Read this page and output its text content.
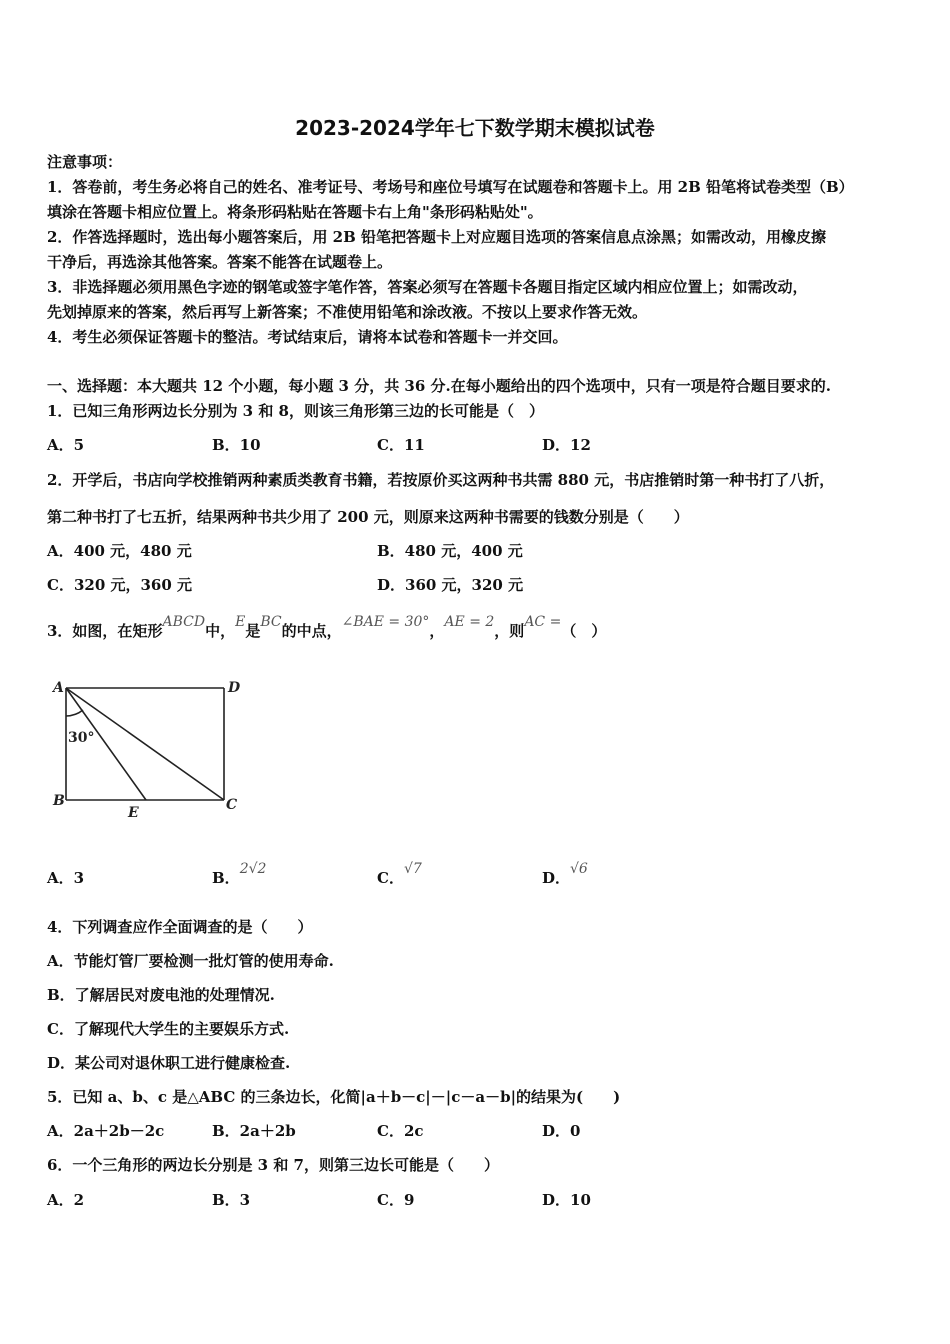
2023-2024学年七下数学期末模拟试卷
注意事项：
1．答卷前，考生务必将自己的姓名、准考证号、考场号和座位号填写在试题卷和答题卡上。用 2B 铅笔将试卷类型（B）
填涂在答题卡相应位置上。将条形码粘贴在答题卡右上角"条形码粘贴处"。
2．作答选择题时，选出每小题答案后，用 2B 铅笔把答题卡上对应题目选项的答案信息点涂黑；如需改动，用橡皮擦
干净后，再选涂其他答案。答案不能答在试题卷上。
3．非选择题必须用黑色字迹的钢笔或签字笔作答，答案必须写在答题卡各题目指定区域内相应位置上；如需改动，
先划掉原来的答案，然后再写上新答案；不准使用铅笔和涂改液。不按以上要求作答无效。
4．考生必须保证答题卡的整洁。考试结束后，请将本试卷和答题卡一并交回。
一、选择题：本大题共 12 个小题，每小题 3 分，共 36 分.在每小题给出的四个选项中，只有一项是符合题目要求的.
1．已知三角形两边长分别为 3 和 8，则该三角形第三边的长可能是（　）
A．5	B．10	C．11	D．12
2．开学后，书店向学校推销两种素质类教育书籍，若按原价买这两种书共需 880 元，书店推销时第一种书打了八折，
第二种书打了七五折，结果两种书共少用了 200 元，则原来这两种书需要的钱数分别是（　　）
A．400 元，480 元	B．480 元，400 元
C．320 元，360 元	D．360 元，320 元
3．如图，在矩形ABCD中，E是BC的中点，∠BAE = 30°，AE = 2，则AC =（　）
A	D
B	C
E
30°
A．3	B．2√2	C．√7	D．√6
4．下列调查应作全面调查的是（　　）
A．节能灯管厂要检测一批灯管的使用寿命.
B．了解居民对废电池的处理情况.
C．了解现代大学生的主要娱乐方式.
D．某公司对退休职工进行健康检查.
5．已知 a、b、c 是△ABC 的三条边长，化简|a＋b－c|－|c－a－b|的结果为(　　)
A．2a＋2b－2c	B．2a＋2b	C．2c	D．0
6．一个三角形的两边长分别是 3 和 7，则第三边长可能是（　　）
A．2	B．3	C．9	D．10
